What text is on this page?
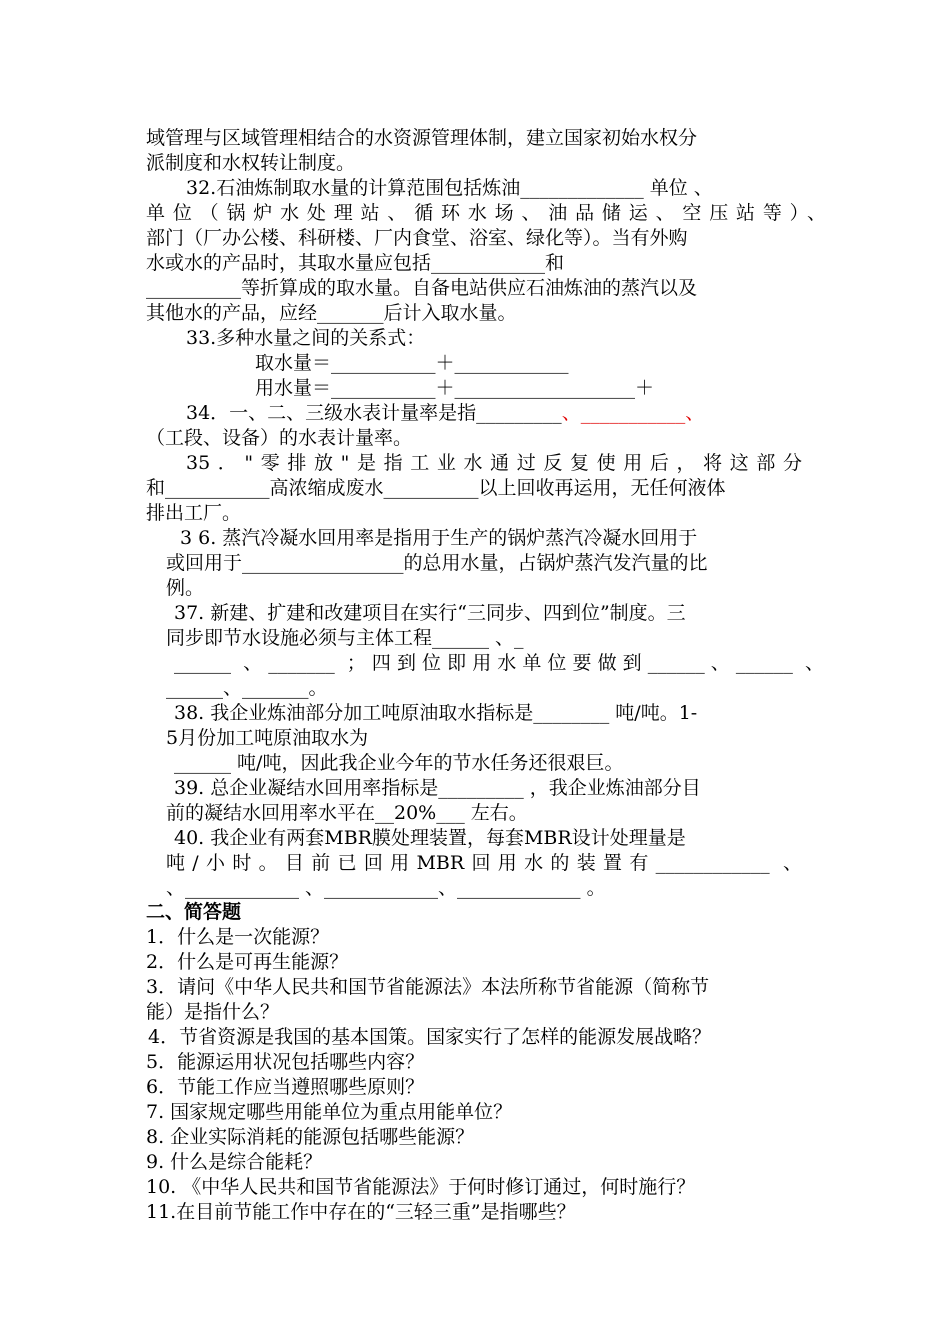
域管理与区域管理相结合的水资源管理体制，建立国家初始水权分
派制度和水权转让制度。
32.石油炼制取水量的计算范围包括炼油_____________ 单位 、
单位（锅炉水处理站、循环水场、油品储运、空压站等）、
部门（厂办公楼、科研楼、厂内食堂、浴室、绿化等）。当有外购
水或水的产品时，其取水量应包括____________和
__________等折算成的取水量。自备电站供应石油炼油的蒸汽以及
其他水的产品，应经_______后计入取水量。
33.多种水量之间的关系式：
取水量＝___________＋____________
用水量＝___________＋___________________＋
34．一、二、三级水表计量率是指_________、___________、
（工段、设备）的水表计量率。
35．"零排放"是指工业水通过反复使用后，将这部分
和___________高浓缩成废水__________以上回收再运用，无任何液体
排出工厂。
3 6. 蒸汽冷凝水回用率是指用于生产的锅炉蒸汽冷凝水回用于
或回用于_________________的总用水量，占锅炉蒸汽发汽量的比
例。
37. 新建、扩建和改建项目在实行“三同步、四到位”制度。三
同步即节水设施必须与主体工程______ 、_
______ 、_______ ；四到位即用水单位要做到______、______ 、
______、_______。
38. 我企业炼油部分加工吨原油取水指标是________ 吨/吨。1-
5月份加工吨原油取水为
______ 吨/吨，因此我企业今年的节水任务还很艰巨。
39. 总企业凝结水回用率指标是_________ ，我企业炼油部分目
前的凝结水回用率水平在__20%___ 左右。
40. 我企业有两套MBR膜处理装置，每套MBR设计处理量是
吨/小时。目前已回用MBR回用水的装置有____________ 、
、____________ 、____________、_____________ 。
二、简答题
1．什么是一次能源？
2．什么是可再生能源？
3．请问《中华人民共和国节省能源法》本法所称节省能源（简称节
能）是指什么？
4．节省资源是我国的基本国策。国家实行了怎样的能源发展战略？
5．能源运用状况包括哪些内容？
6．节能工作应当遵照哪些原则？
7. 国家规定哪些用能单位为重点用能单位？
8. 企业实际消耗的能源包括哪些能源？
9. 什么是综合能耗？
10. 《中华人民共和国节省能源法》于何时修订通过，何时施行？
11.在目前节能工作中存在的“三轻三重”是指哪些？
